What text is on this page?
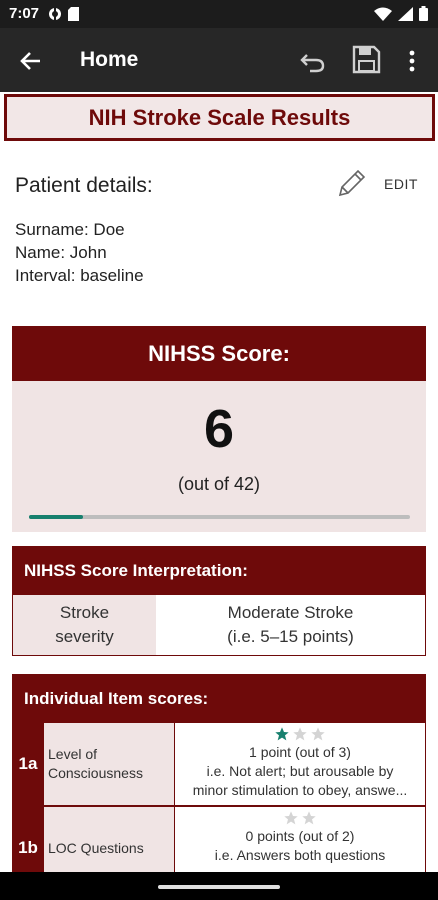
7:07
Home
NIH Stroke Scale Results
Patient details:	EDIT
Surname: Doe
Name: John
Interval: baseline
NIHSS Score:
6
(out of 42)
NIHSS Score Interpretation:
Stroke
severity
Moderate Stroke
(i.e. 5–15 points)
Individual Item scores:
1a Level of
Consciousness
1 point (out of 3)
i.e. Not alert; but arousable by
minor stimulation to obey, answe...
1b LOC Questions
0 points (out of 2)
i.e. Answers both questions
